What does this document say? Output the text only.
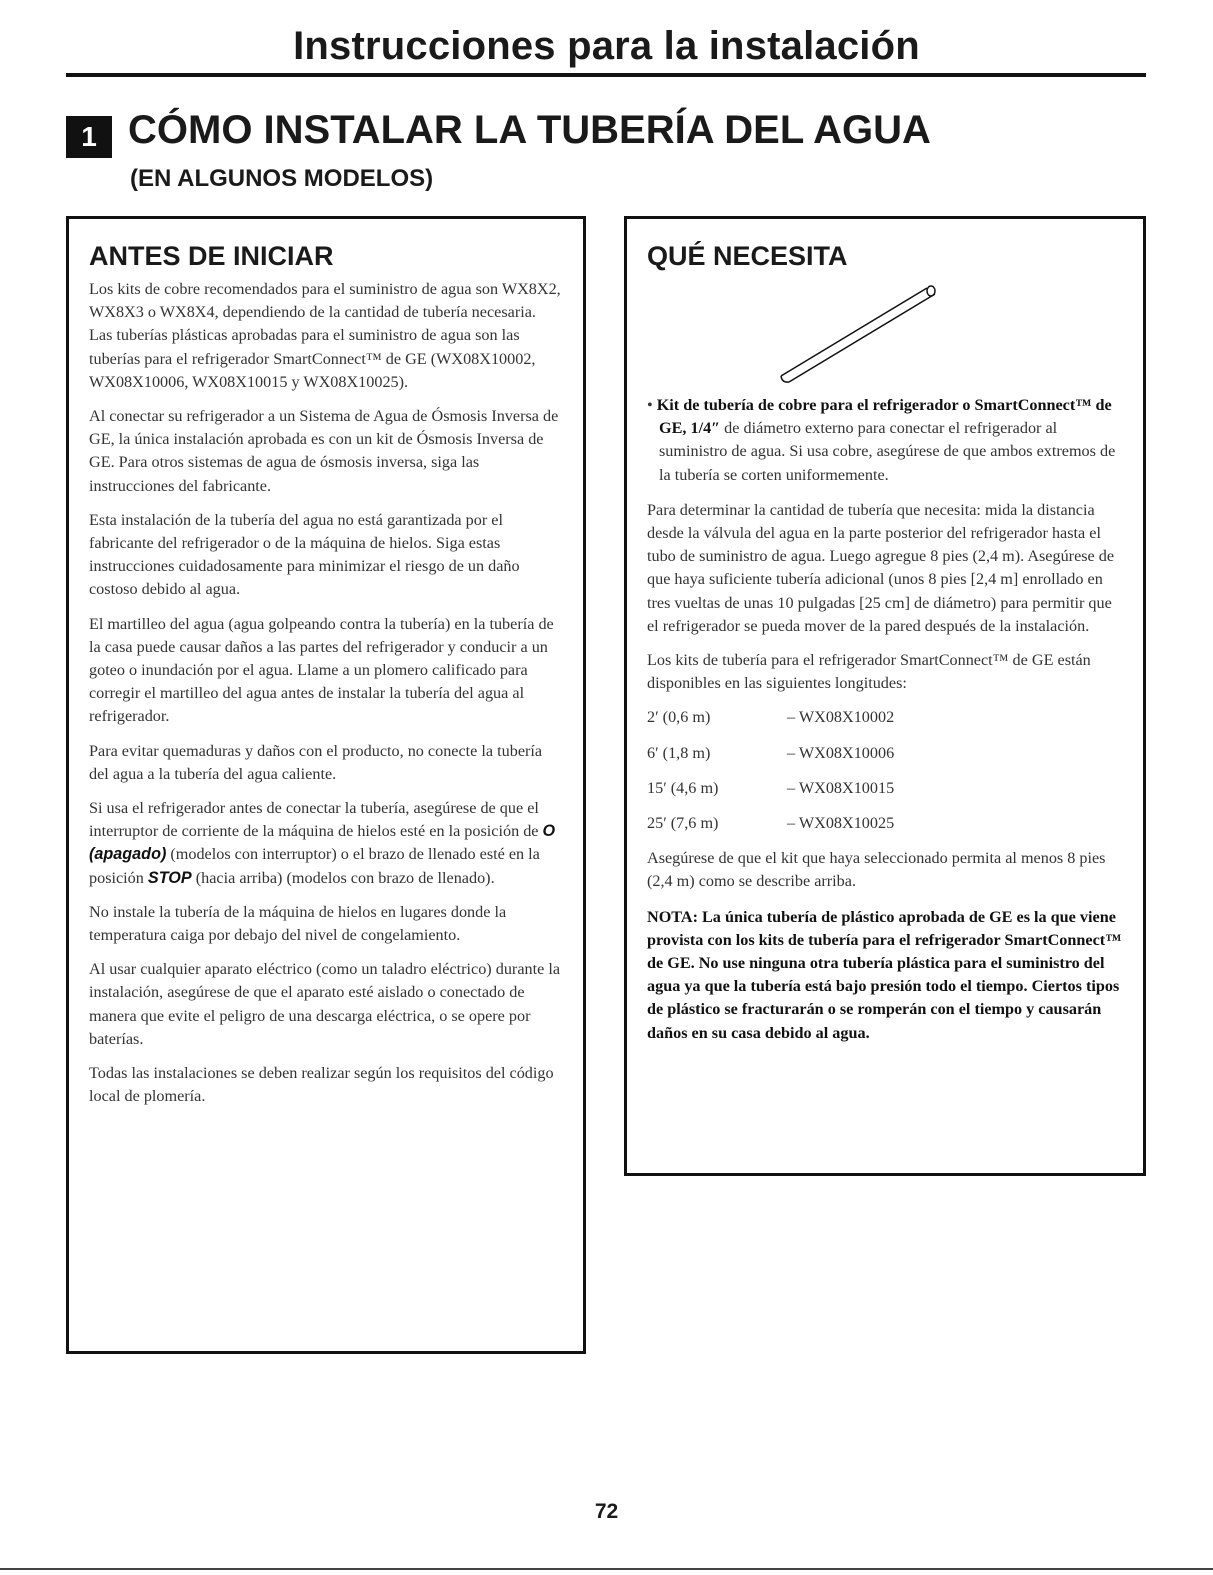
Instrucciones para la instalación
1 CÓMO INSTALAR LA TUBERÍA DEL AGUA
(EN ALGUNOS MODELOS)
ANTES DE INICIAR

Los kits de cobre recomendados para el suministro de agua son WX8X2, WX8X3 o WX8X4, dependiendo de la cantidad de tubería necesaria. Las tuberías plásticas aprobadas para el suministro de agua son las tuberías para el refrigerador SmartConnect™ de GE (WX08X10002, WX08X10006, WX08X10015 y WX08X10025).

Al conectar su refrigerador a un Sistema de Agua de Ósmosis Inversa de GE, la única instalación aprobada es con un kit de Ósmosis Inversa de GE. Para otros sistemas de agua de ósmosis inversa, siga las instrucciones del fabricante.

Esta instalación de la tubería del agua no está garantizada por el fabricante del refrigerador o de la máquina de hielos. Siga estas instrucciones cuidadosamente para minimizar el riesgo de un daño costoso debido al agua.

El martilleo del agua (agua golpeando contra la tubería) en la tubería de la casa puede causar daños a las partes del refrigerador y conducir a un goteo o inundación por el agua. Llame a un plomero calificado para corregir el martilleo del agua antes de instalar la tubería del agua al refrigerador.

Para evitar quemaduras y daños con el producto, no conecte la tubería del agua a la tubería del agua caliente.

Si usa el refrigerador antes de conectar la tubería, asegúrese de que el interruptor de corriente de la máquina de hielos esté en la posición de O (apagado) (modelos con interruptor) o el brazo de llenado esté en la posición STOP (hacia arriba) (modelos con brazo de llenado).

No instale la tubería de la máquina de hielos en lugares donde la temperatura caiga por debajo del nivel de congelamiento.

Al usar cualquier aparato eléctrico (como un taladro eléctrico) durante la instalación, asegúrese de que el aparato esté aislado o conectado de manera que evite el peligro de una descarga eléctrica, o se opere por baterías.

Todas las instalaciones se deben realizar según los requisitos del código local de plomería.

QUÉ NECESITA

• Kit de tubería de cobre para el refrigerador o SmartConnect™ de GE, 1/4″ de diámetro externo para conectar el refrigerador al suministro de agua. Si usa cobre, asegúrese de que ambos extremos de la tubería se corten uniformemente.

Para determinar la cantidad de tubería que necesita: mida la distancia desde la válvula del agua en la parte posterior del refrigerador hasta el tubo de suministro de agua. Luego agregue 8 pies (2,4 m). Asegúrese de que haya suficiente tubería adicional (unos 8 pies [2,4 m] enrollado en tres vueltas de unas 10 pulgadas [25 cm] de diámetro) para permitir que el refrigerador se pueda mover de la pared después de la instalación.

Los kits de tubería para el refrigerador SmartConnect™ de GE están disponibles en las siguientes longitudes:

2′ (0,6 m)	– WX08X10002
6′ (1,8 m)	– WX08X10006
15′ (4,6 m)	– WX08X10015
25′ (7,6 m)	– WX08X10025

Asegúrese de que el kit que haya seleccionado permita al menos 8 pies (2,4 m) como se describe arriba.

NOTA: La única tubería de plástico aprobada de GE es la que viene provista con los kits de tubería para el refrigerador SmartConnect™ de GE. No use ninguna otra tubería plástica para el suministro del agua ya que la tubería está bajo presión todo el tiempo. Ciertos tipos de plástico se fracturarán o se romperán con el tiempo y causarán daños en su casa debido al agua.

72
